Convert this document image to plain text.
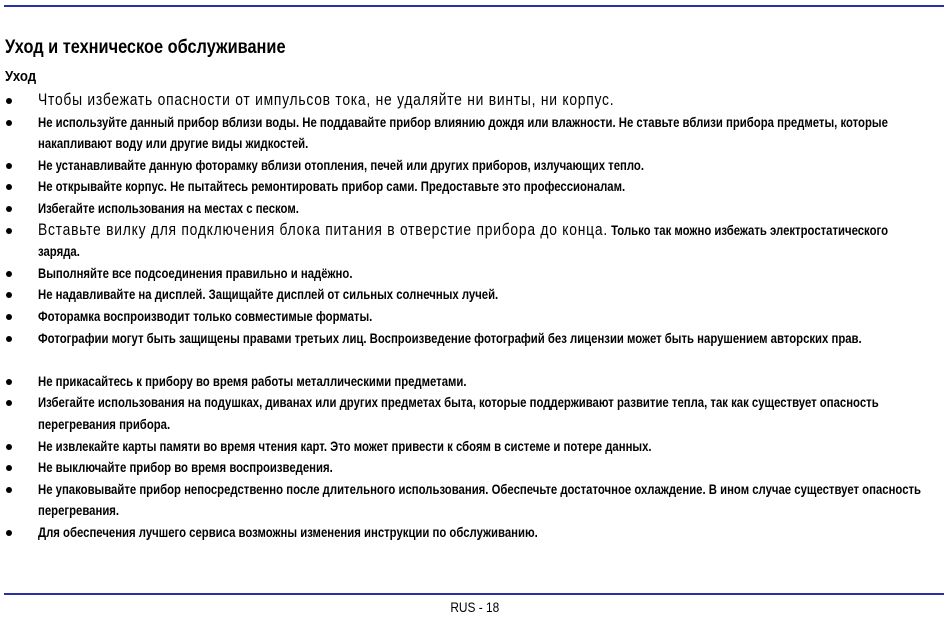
Уход и техническое обслуживание
Уход
Чтобы избежать опасности от импульсов тока, не удаляйте ни винты, ни корпус.
Не используйте данный прибор вблизи воды. Не поддавайте прибор влиянию дождя или влажности. Не ставьте вблизи прибора предметы, которые накапливают воду или другие виды жидкостей.
Не устанавливайте данную фоторамку вблизи отопления, печей или других приборов, излучающих тепло.
Не открывайте корпус. Не пытайтесь ремонтировать прибор сами. Предоставьте это профессионалам.
Избегайте использования на местах с песком.
Вставьте вилку для подключения блока питания в отверстие прибора до конца. Только так можно избежать электростатического заряда.
Выполняйте все подсоединения правильно и надёжно.
Не надавливайте на дисплей. Защищайте дисплей от сильных солнечных лучей.
Фоторамка воспроизводит только совместимые форматы.
Фотографии могут быть защищены правами третьих лиц. Воспроизведение фотографий без лицензии может быть нарушением авторских прав.
Не прикасайтесь к прибору во время работы металлическими предметами.
Избегайте использования на подушках, диванах или других предметах быта, которые поддерживают развитие тепла, так как существует опасность перегревания прибора.
Не извлекайте карты памяти во время чтения карт. Это может привести к сбоям в системе и потере данных.
Не выключайте прибор во время воспроизведения.
Не упаковывайте прибор непосредственно после длительного использования. Обеспечьте достаточное охлаждение. В ином случае существует опасность перегревания.
Для обеспечения лучшего сервиса возможны изменения инструкции по обслуживанию.
RUS - 18
